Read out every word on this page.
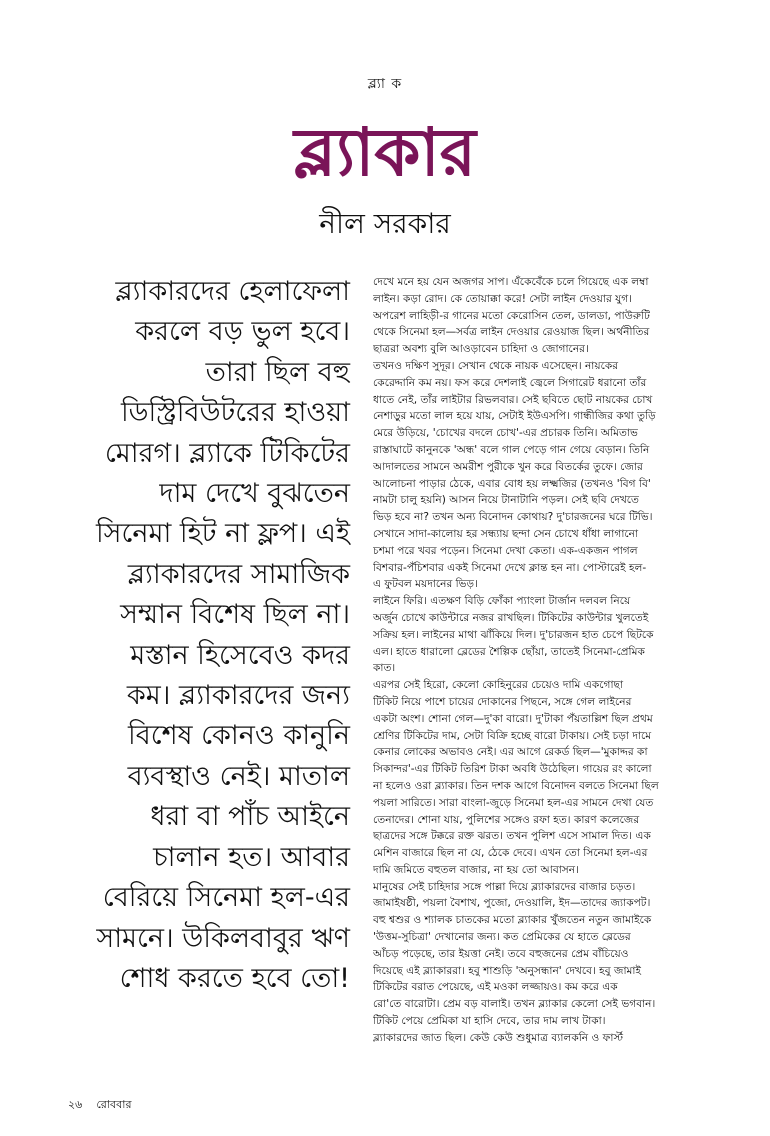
ব্ল্যা ক
ব্ল্যাকার
নীল সরকার
ব্ল্যাকারদের হেলাফেলা
করলে বড় ভুল হবে।
তারা ছিল বহু
ডিস্ট্রিবিউটরের হাওয়া
মোরগ। ব্ল্যাকে টিকিটের
দাম দেখে বুঝতেন
সিনেমা হিট না ফ্লপ। এই
ব্ল্যাকারদের সামাজিক
সম্মান বিশেষ ছিল না।
মস্তান হিসেবেও কদর
কম। ব্ল্যাকারদের জন্য
বিশেষ কোনও কানুনি
ব্যবস্থাও নেই। মাতাল
ধরা বা পাঁচ আইনে
চালান হত। আবার
বেরিয়ে সিনেমা হল-এর
সামনে। উকিলবাবুর ঋণ
শোধ করতে হবে তো!
দেখে মনে হয় যেন অজগর সাপ। এঁকেবেঁকে চলে গিয়েছে এক লম্বা
লাইন। কড়া রোদ। কে তোয়াক্কা করে! সেটা লাইন দেওয়ার যুগ।
অপরেশ লাহিড়ী-র গানের মতো কেরোসিন তেল, ডালডা, পাউরুটি
থেকে সিনেমা হল—সর্বত্র লাইন দেওয়ার রেওয়াজ ছিল। অর্থনীতির
ছাত্ররা অবশ্য বুলি আওড়াবেন চাহিদা ও জোগানের।
তখনও দক্ষিণ সুদূর। সেখান থেকে নায়ক এসেছেন। নায়কের
কেরেদ্দানি কম নয়। ফস করে দেশলাই জ্বেলে সিগারেট ধরানো তাঁর
ধাতে নেই, তাঁর লাইটার রিভলবার। সেই ছবিতে ছোট নায়কের চোখ
নেশাড়ুর মতো লাল হয়ে যায়, সেটাই ইউএসপি। গান্ধীজির কথা তুড়ি
মেরে উড়িয়ে, 'চোখের বদলে চোখ'-এর প্রচারক তিনি। অমিতাভ
রাস্তাঘাটে কানুনকে 'অন্ধ' বলে গাল পেড়ে গান গেয়ে বেড়ান। তিনি
আদালতের সামনে অমরীশ পুরীকে খুন করে বিতর্কের তুফে। জোর
আলোচনা পাড়ার ঠেকে, এবার বোধ হয় লক্ষ্মজির (তখনও 'বিগ বি'
নামটা চালু হয়নি) আসন নিয়ে টানাটানি পড়ল। সেই ছবি দেখতে
ভিড় হবে না? তখন অন্য বিনোদন কোথায়? দু'চারজনের ঘরে টিভি।
সেখানে সাদা-কালোয় হর সন্ধ্যায় ছন্দা সেন চোখে ধাঁধা লাগানো
চশমা পরে খবর পড়েন। সিনেমা দেখা কেতা। এক-একজন পাগল
বিশবার-পঁচিশবার একই সিনেমা দেখে ক্লান্ত হন না। পোস্টারেই হল-
এ ফুটবল ময়দানের ভিড়।
লাইনে ফিরি। এতক্ষণ বিড়ি ফোঁকা প্যাংলা টার্জান দলবল নিয়ে
অর্জুন চোখে কাউন্টারে নজর রাখছিল। টিকিটের কাউন্টার খুলতেই
সক্রিয় হল। লাইনের মাথা ঝাঁকিয়ে দিল। দু'চারজন হাত চেপে ছিটকে
এল। হাতে ধারালো ব্লেডের শৈল্পিক ছোঁয়া, তাতেই সিনেমা-প্রেমিক
কাত।
এরপর সেই হিরো, কেলো কোহিনুরের চেয়েও দামি একগোছা
টিকিট নিয়ে পাশে চায়ের দোকানের পিছনে, সঙ্গে গেল লাইনের
একটা অংশ। শোনা গেল—দু'কা বারো। দু'টাকা পঁয়তাল্লিশ ছিল প্রথম
শ্রেণির টিকিটের দাম, সেটা বিক্রি হচ্ছে বারো টাকায়। সেই চড়া দামে
কেনার লোকের অভাবও নেই। এর আগে রেকর্ড ছিল—'মুকাদ্দর কা
সিকান্দর'-এর টিকিট তিরিশ টাকা অবধি উঠেছিল। গায়ের রং কালো
না হলেও ওরা ব্ল্যাকার। তিন দশক আগে বিনোদন বলতে সিনেমা ছিল
পয়লা সারিতে। সারা বাংলা-জুড়ে সিনেমা হল-এর সামনে দেখা যেত
তেনাদের। শোনা যায়, পুলিশের সঙ্গেও রফা হত। কারণ কলেজের
ছাত্রদের সঙ্গে টক্করে রক্ত ঝরত। তখন পুলিশ এসে সামাল দিত। এক
মেশিন বাজারে ছিল না যে, ঠেকে দেবে। এখন তো সিনেমা হল-এর
দামি জমিতে বহুতল বাজার, না হয় তো আবাসন।
মানুষের সেই চাহিদার সঙ্গে পাল্লা দিয়ে ব্ল্যাকারদের বাজার চড়ত।
জামাইষষ্ঠী, পয়লা বৈশাখ, পুজো, দেওয়ালি, ইদ—তাদের জ্যাকপট।
বহু শ্বশুর ও শ্যালক চাতকের মতো ব্ল্যাকার খুঁজতেন নতুন জামাইকে
'উত্তম-সুচিত্রা' দেখানোর জন্য। কত প্রেমিকের যে হাতে ব্লেডের
আঁচড় পড়েছে, তার ইয়ত্তা নেই। তবে বহুজনের প্রেম বাঁচিয়েও
দিয়েছে এই ব্ল্যাকাররা। হবু শাশুড়ি 'অনুসন্ধান' দেখবে। হবু জামাই
টিকিটের বরাত পেয়েছে, এই মওকা লজ্জায়ও। কম করে এক
রো'তে বারোটা। প্রেম বড় বালাই। তখন ব্ল্যাকার কেলো সেই ভগবান।
টিকিট পেয়ে প্রেমিকা যা হাসি দেবে, তার দাম লাখ টাকা।
ব্ল্যাকারদের জাত ছিল। কেউ কেউ শুধুমাত্র ব্যালকনি ও ফার্স্ট
২৬ রোববার
